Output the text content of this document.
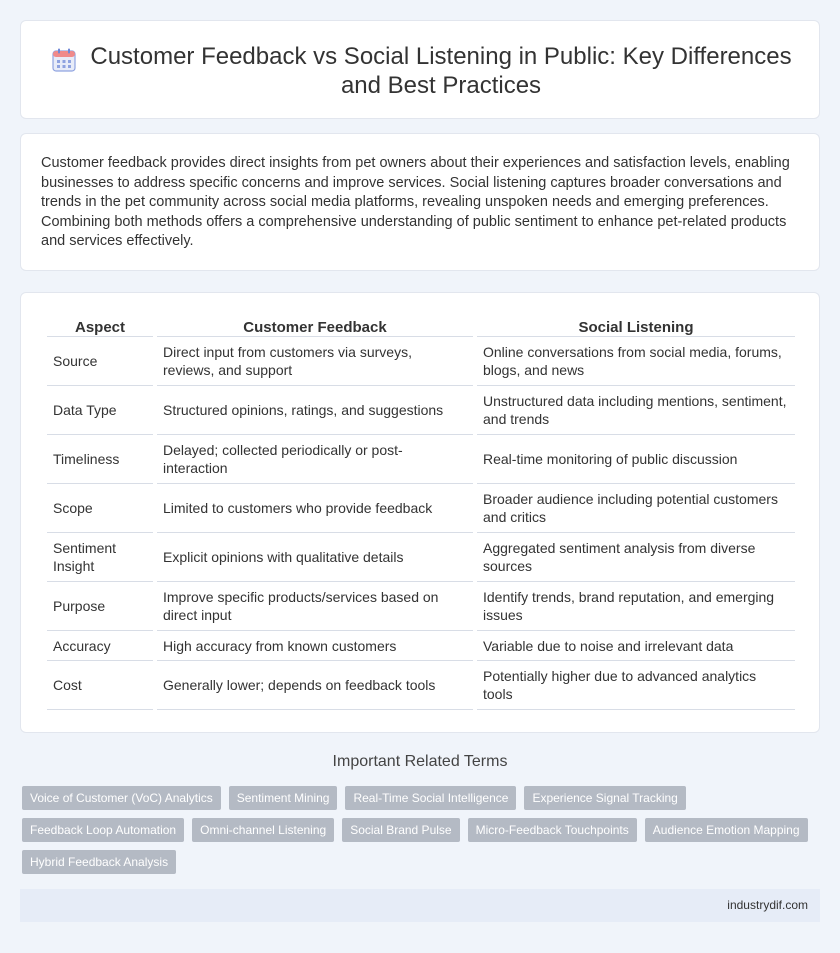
Customer Feedback vs Social Listening in Public: Key Differences and Best Practices

Customer feedback provides direct insights from pet owners about their experiences and satisfaction levels, enabling businesses to address specific concerns and improve services. Social listening captures broader conversations and trends in the pet community across social media platforms, revealing unspoken needs and emerging preferences. Combining both methods offers a comprehensive understanding of public sentiment to enhance pet-related products and services effectively.

Aspect	Customer Feedback	Social Listening
Source	Direct input from customers via surveys, reviews, and support	Online conversations from social media, forums, blogs, and news
Data Type	Structured opinions, ratings, and suggestions	Unstructured data including mentions, sentiment, and trends
Timeliness	Delayed; collected periodically or post-interaction	Real-time monitoring of public discussion
Scope	Limited to customers who provide feedback	Broader audience including potential customers and critics
Sentiment Insight	Explicit opinions with qualitative details	Aggregated sentiment analysis from diverse sources
Purpose	Improve specific products/services based on direct input	Identify trends, brand reputation, and emerging issues
Accuracy	High accuracy from known customers	Variable due to noise and irrelevant data
Cost	Generally lower; depends on feedback tools	Potentially higher due to advanced analytics tools
Important Related Terms
Voice of Customer (VoC) Analytics	Sentiment Mining	Real-Time Social Intelligence	Experience Signal Tracking
Feedback Loop Automation	Omni-channel Listening	Social Brand Pulse	Micro-Feedback Touchpoints	Audience Emotion Mapping
Hybrid Feedback Analysis
industrydif.com
